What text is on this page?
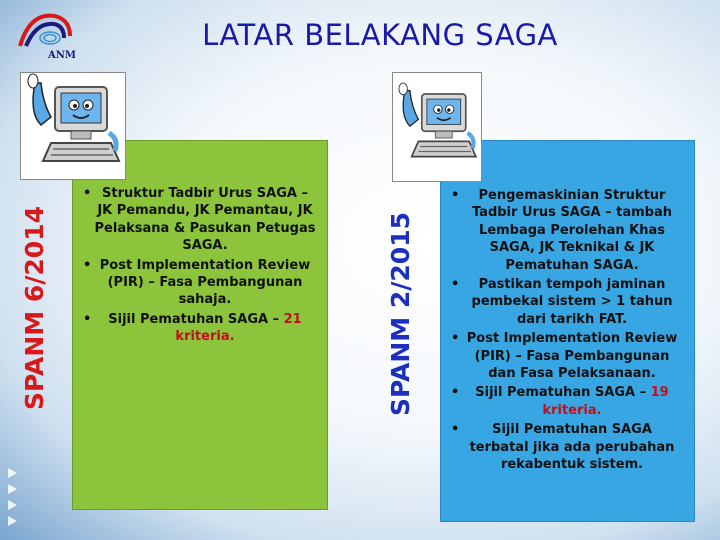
ANM
LATAR BELAKANG SAGA
SPANM 6/2014
• Struktur Tadbir Urus SAGA – JK Pemandu, JK Pemantau, JK Pelaksana & Pasukan Petugas SAGA.
• Post Implementation Review (PIR) – Fasa Pembangunan sahaja.
• Sijil Pematuhan SAGA – 21 kriteria.	SPANM 2/2015
• Pengemaskinian Struktur Tadbir Urus SAGA – tambah Lembaga Perolehan Khas SAGA, JK Teknikal & JK Pematuhan SAGA.
• Pastikan tempoh jaminan pembekal sistem > 1 tahun dari tarikh FAT.
• Post Implementation Review (PIR) – Fasa Pembangunan dan Fasa Pelaksanaan.
• Sijil Pematuhan SAGA – 19 kriteria.
•	Sijil Pematuhan SAGA terbatal jika ada perubahan rekabentuk sistem.
